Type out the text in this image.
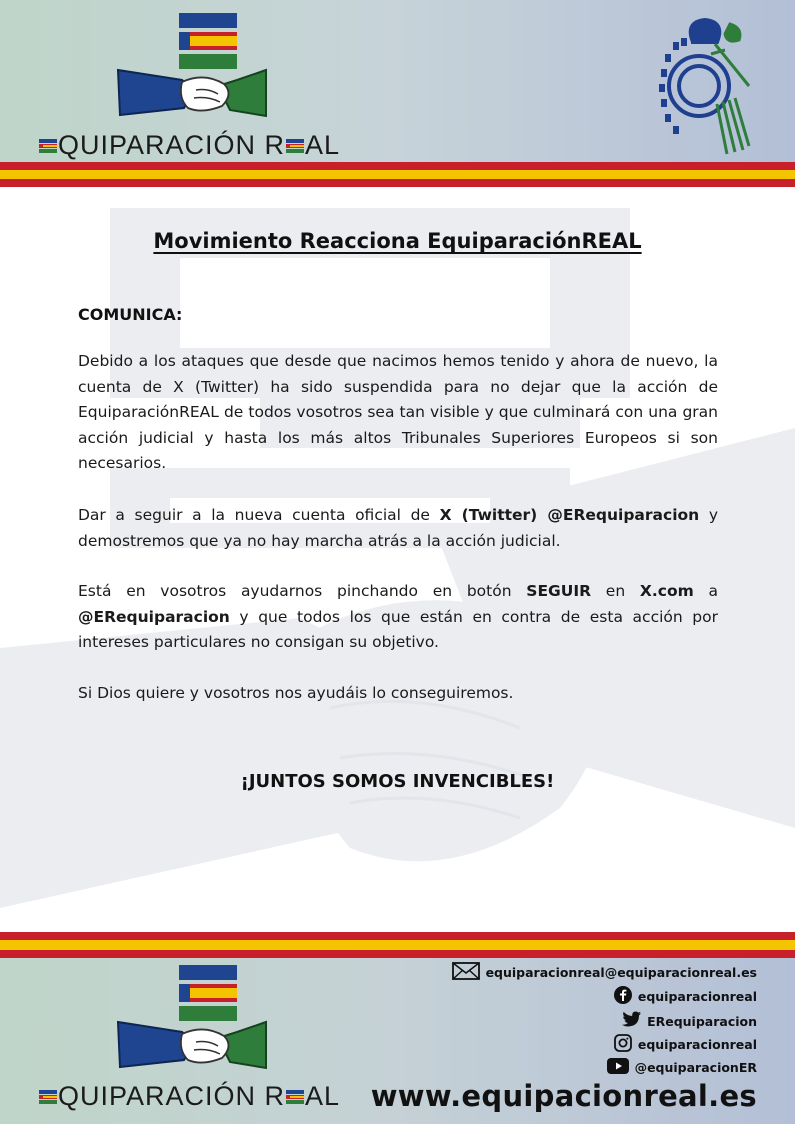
QUIPARACIÓN R AL
Movimiento Reacciona EquiparaciónREAL
COMUNICA:
Debido a los ataques que desde que nacimos hemos tenido y ahora de nuevo, la cuenta de X (Twitter) ha sido suspendida para no dejar que la acción de EquiparaciónREAL de todos vosotros sea tan visible y que culminará con una gran acción judicial y hasta los más altos Tribunales Superiores Europeos si son necesarios.
Dar a seguir a la nueva cuenta oficial de X (Twitter) @ERequiparacion y demostremos que ya no hay marcha atrás a la acción judicial.
Está en vosotros ayudarnos pinchando en botón SEGUIR en X.com a @ERequiparacion y que todos los que están en contra de esta acción por intereses particulares no consigan su objetivo.
Si Dios quiere y vosotros nos ayudáis lo conseguiremos.
¡JUNTOS SOMOS INVENCIBLES!
QUIPARACIÓN R AL
equiparacionreal@equiparacionreal.es
equiparacionreal
ERequiparacion
equiparacionreal
@equiparacionER
www.equipacionreal.es
